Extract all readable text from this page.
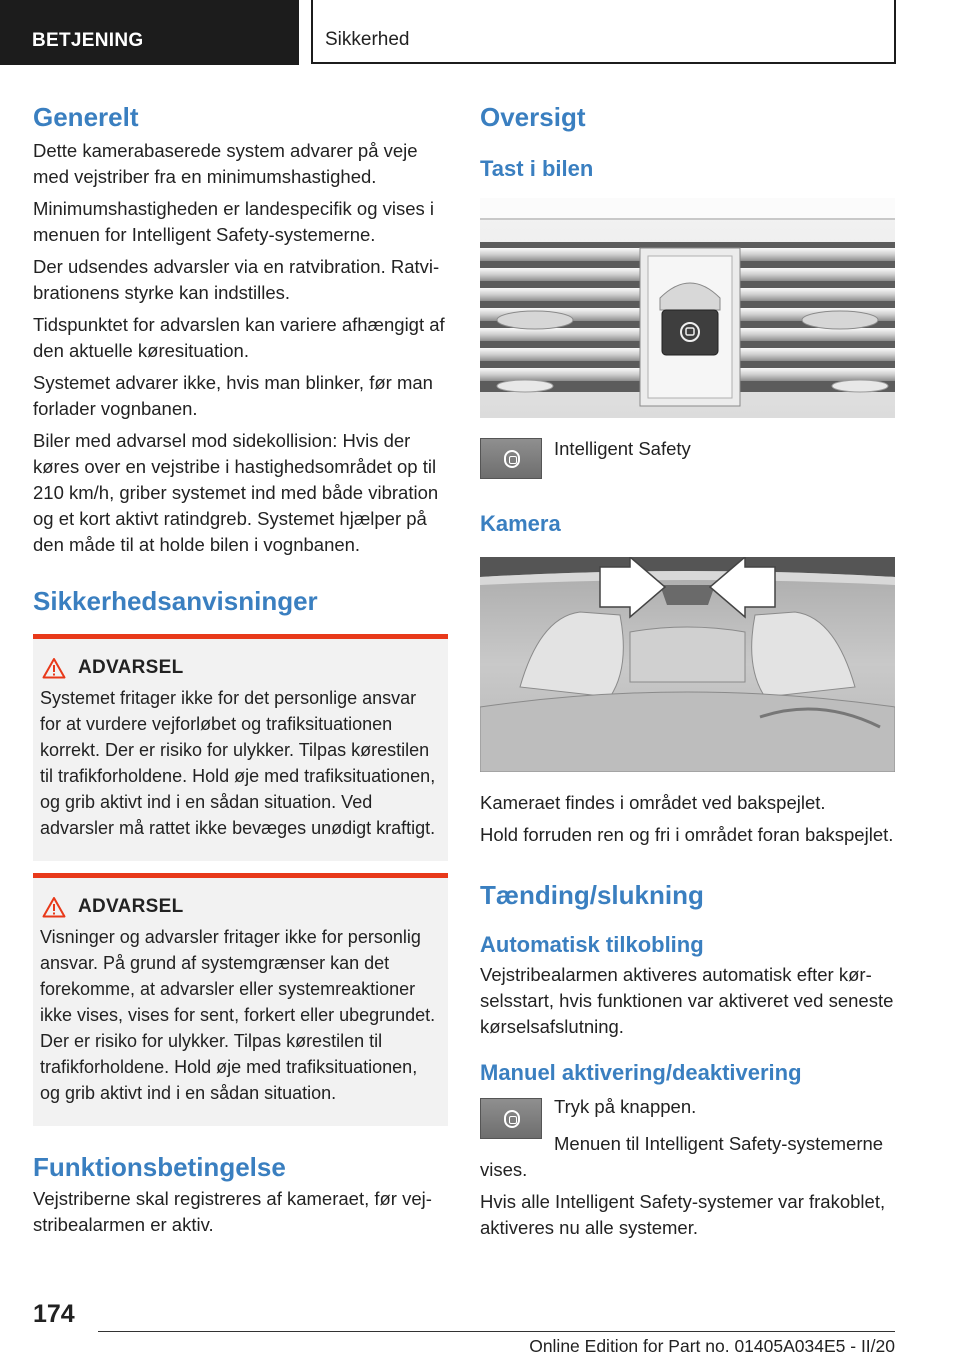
BETJENING	Sikkerhed
Generelt

Dette kamerabaserede system advarer på veje med vejstriber fra en minimumshastighed.

Minimumshastigheden er landespecifik og vises i menuen for Intelligent Safety-systemerne.

Der udsendes advarsler via en ratvibration. Ratvibrationens styrke kan indstilles.

Tidspunktet for advarslen kan variere afhængigt af den aktuelle køresituation.

Systemet advarer ikke, hvis man blinker, før man forlader vognbanen.

Biler med advarsel mod sidekollision: Hvis der køres over en vejstribe i hastighedsområdet op til 210 km/h, griber systemet ind med både vibration og et kort aktivt ratindgreb. Systemet hjælper på den måde til at holde bilen i vognbanen.

Sikkerhedsanvisninger
ADVARSEL

Systemet fritager ikke for det personlige ansvar for at vurdere vejforløbet og trafiksituationen korrekt. Der er risiko for ulykker. Tilpas kørestilen til trafikforholdene. Hold øje med trafiksituationen, og grib aktivt ind i en sådan situation. Ved advarsler må rattet ikke bevæges unødigt kraftigt.

ADVARSEL

Visninger og advarsler fritager ikke for personlig ansvar. På grund af systemgrænser kan det forekomme, at advarsler eller systemreaktioner ikke vises, vises for sent, forkert eller ubegrundet. Der er risiko for ulykker. Tilpas kørestilen til trafikforholdene. Hold øje med trafiksituationen, og grib aktivt ind i en sådan situation.

Funktionsbetingelse

Vejstriberne skal registreres af kameraet, før vejstribealarmen er aktiv.

Oversigt
Tast i bilen

Intelligent Safety

Kamera

Kameraet findes i området ved bakspejlet.

Hold forruden ren og fri i området foran bakspejlet.

Tænding/slukning
Automatisk tilkobling

Vejstribealarmen aktiveres automatisk efter kørselsstart, hvis funktionen var aktiveret ved seneste kørselsafslutning.

Manuel aktivering/deaktivering

Tryk på knappen.

Menuen til Intelligent Safety-systemerne vises.

Hvis alle Intelligent Safety-systemer var frakoblet, aktiveres nu alle systemer.

174
Online Edition for Part no. 01405A034E5 - II/20
